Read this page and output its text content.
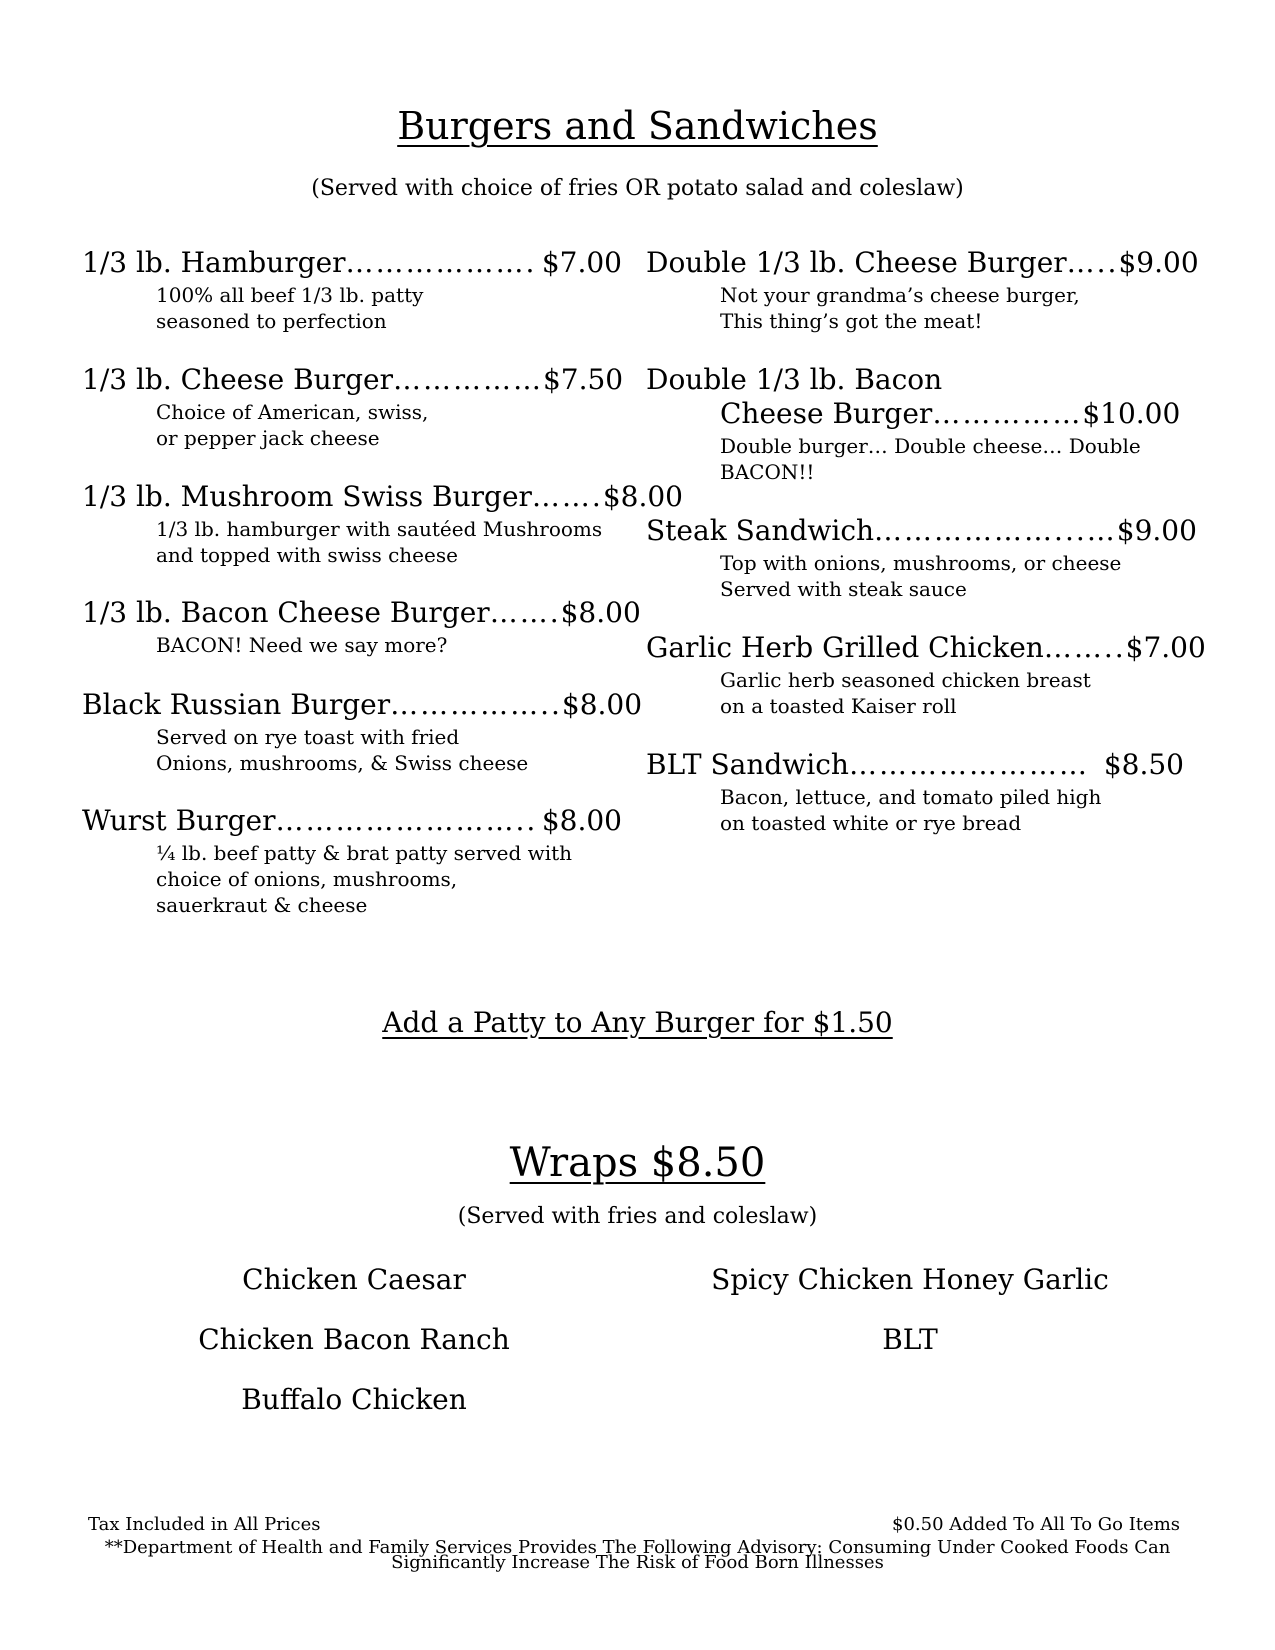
Burgers and Sandwiches
(Served with choice of fries OR potato salad and coleslaw)
1/3 lb. Hamburger ………………. $7.00
100% all beef 1/3 lb. patty
seasoned to perfection
1/3 lb. Cheese Burger …………… $7.50
Choice of American, swiss,
or pepper jack cheese
1/3 lb. Mushroom Swiss Burger ……. $8.00
1/3 lb. hamburger with sautéed Mushrooms
and topped with swiss cheese
1/3 lb. Bacon Cheese Burger ……. $8.00
BACON! Need we say more?
Black Russian Burger …………….. $8.00
Served on rye toast with fried
Onions, mushrooms, & Swiss cheese
Wurst Burger …………………….. $8.00
¼ lb. beef patty & brat patty served with
choice of onions, mushrooms,
sauerkraut & cheese
Double 1/3 lb. Cheese Burger ….. $9.00
Not your grandma’s cheese burger,
This thing’s got the meat!
Double 1/3 lb. Bacon
Cheese Burger …………… $10.00
Double burger… Double cheese… Double
BACON!!
Steak Sandwich ………………...… $9.00
Top with onions, mushrooms, or cheese
Served with steak sauce
Garlic Herb Grilled Chicken …….. $7.00
Garlic herb seasoned chicken breast
on a toasted Kaiser roll
BLT Sandwich …………………… $8.50
Bacon, lettuce, and tomato piled high
on toasted white or rye bread
Add a Patty to Any Burger for $1.50
Wraps $8.50
(Served with fries and coleslaw)
Chicken Caesar
Chicken Bacon Ranch
Buffalo Chicken
Spicy Chicken Honey Garlic
BLT
Tax Included in All Prices	$0.50 Added To All To Go Items
**Department of Health and Family Services Provides The Following Advisory: Consuming Under Cooked Foods Can
Significantly Increase The Risk of Food Born Illnesses
